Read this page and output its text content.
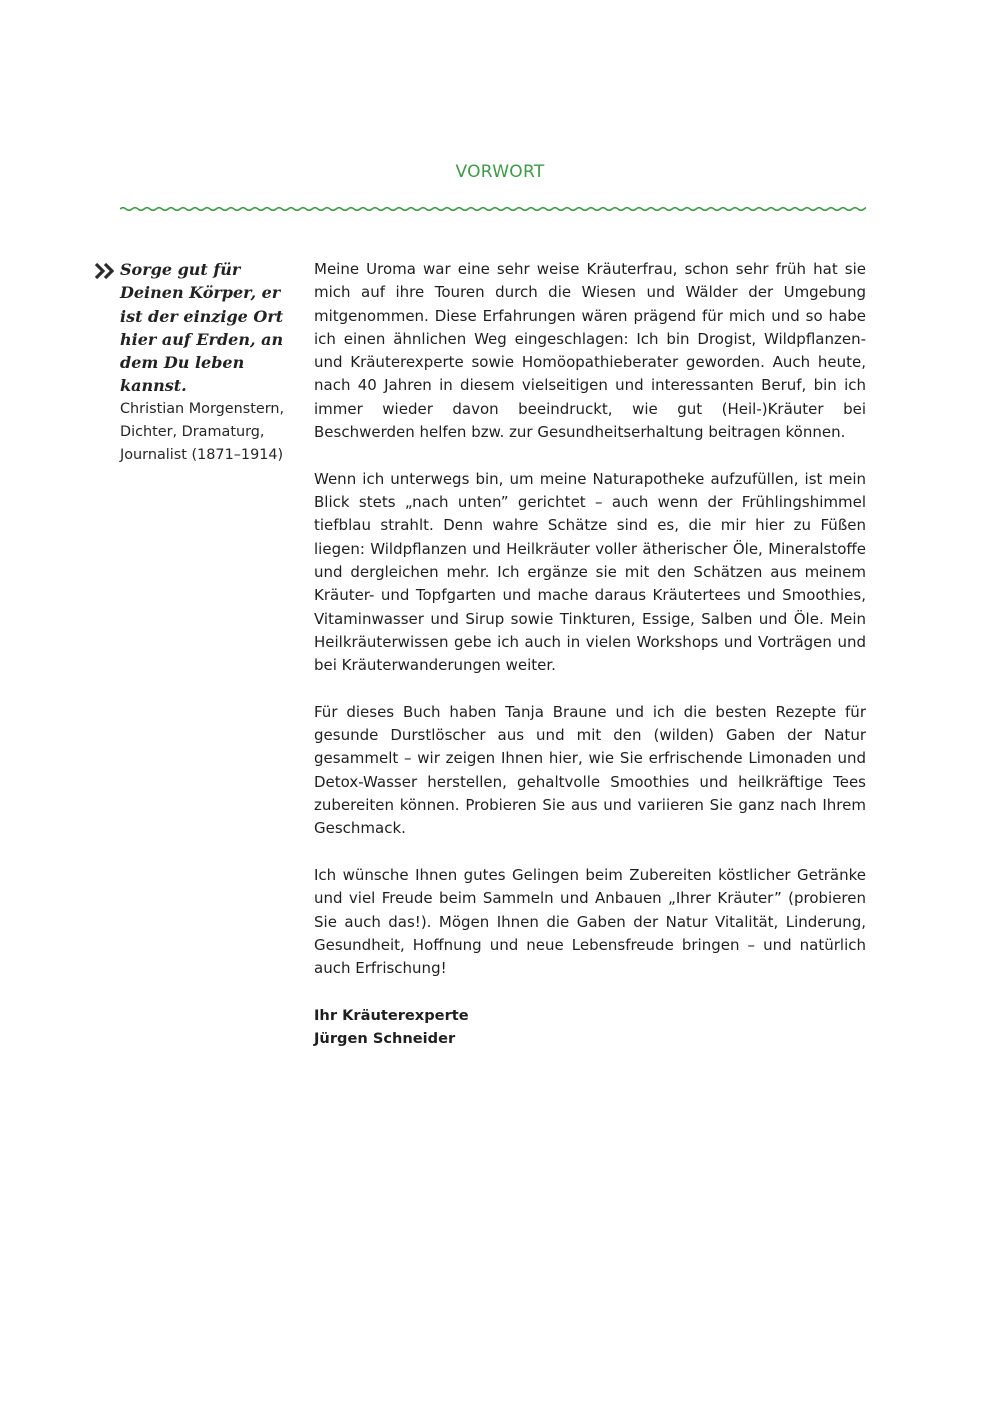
VORWORT

Sorge gut für Deinen Körper, er ist der einzige Ort hier auf Erden, an dem Du leben kannst.

Christian Morgenstern,
Dichter, Dramaturg,
Journalist (1871–1914)

Meine Uroma war eine sehr weise Kräuterfrau, schon sehr früh hat sie mich auf ihre Touren durch die Wiesen und Wälder der Umgebung mitgenommen. Diese Erfahrungen wären prägend für mich und so habe ich einen ähnlichen Weg eingeschlagen: Ich bin Drogist, Wildpflanzen- und Kräuterexperte sowie Homöopathieberater geworden. Auch heute, nach 40 Jahren in diesem vielseitigen und interessanten Beruf, bin ich immer wieder davon beeindruckt, wie gut (Heil-)Kräuter bei Beschwerden helfen bzw. zur Gesundheitserhaltung beitragen können.

Wenn ich unterwegs bin, um meine Naturapotheke aufzufüllen, ist mein Blick stets „nach unten” gerichtet – auch wenn der Frühlingshimmel tiefblau strahlt. Denn wahre Schätze sind es, die mir hier zu Füßen liegen: Wildpflanzen und Heilkräuter voller ätherischer Öle, Mineralstoffe und dergleichen mehr. Ich ergänze sie mit den Schätzen aus meinem Kräuter- und Topfgarten und mache daraus Kräutertees und Smoothies, Vitaminwasser und Sirup sowie Tinkturen, Essige, Salben und Öle. Mein Heilkräuterwissen gebe ich auch in vielen Workshops und Vorträgen und bei Kräuterwanderungen weiter.

Für dieses Buch haben Tanja Braune und ich die besten Rezepte für gesunde Durstlöscher aus und mit den (wilden) Gaben der Natur gesammelt – wir zeigen Ihnen hier, wie Sie erfrischende Limonaden und Detox-Wasser herstellen, gehaltvolle Smoothies und heilkräftige Tees zubereiten können. Probieren Sie aus und variieren Sie ganz nach Ihrem Geschmack.

Ich wünsche Ihnen gutes Gelingen beim Zubereiten köstlicher Getränke und viel Freude beim Sammeln und Anbauen „Ihrer Kräuter” (probieren Sie auch das!). Mögen Ihnen die Gaben der Natur Vitalität, Linderung, Gesundheit, Hoffnung und neue Lebensfreude bringen – und natürlich auch Erfrischung!

Ihr Kräuterexperte
Jürgen Schneider
